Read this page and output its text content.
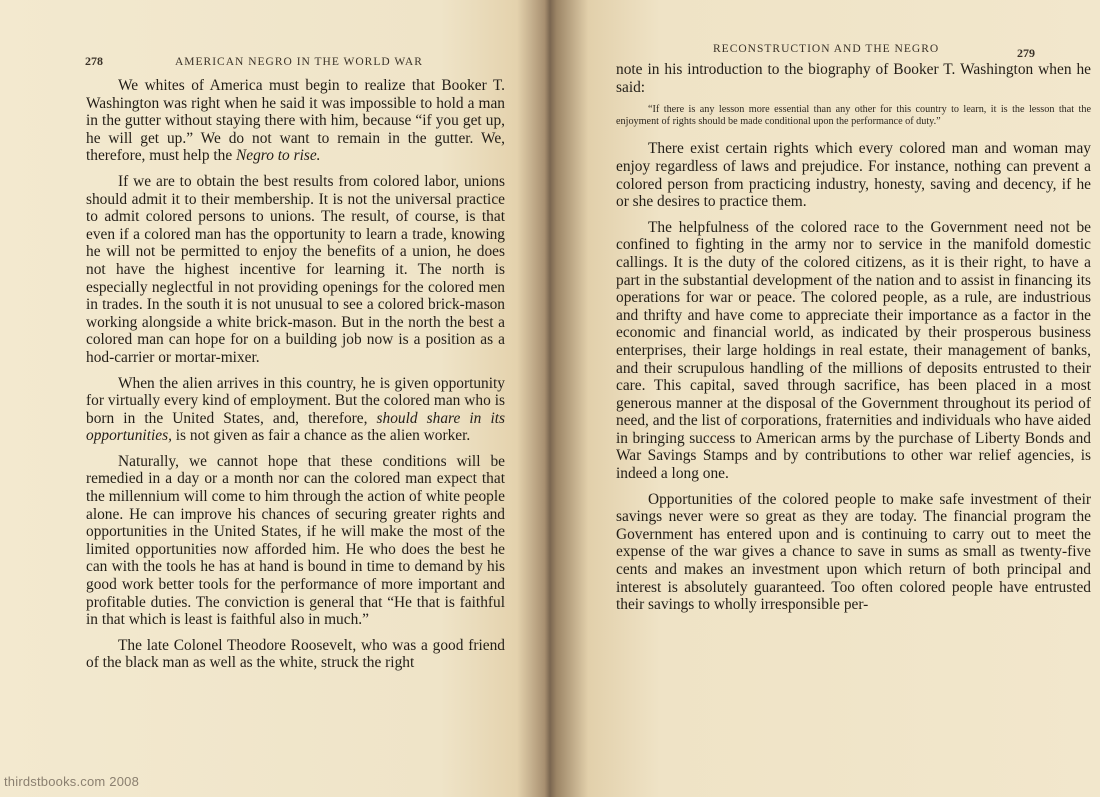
278	AMERICAN NEGRO IN THE WORLD WAR

We whites of America must begin to realize that Booker T. Washington was right when he said it was impossible to hold a man in the gutter without staying there with him, because “if you get up, he will get up.” We do not want to remain in the gutter. We, therefore, must help the Negro to rise.

If we are to obtain the best results from colored labor, unions should admit it to their membership. It is not the universal practice to admit colored persons to unions. The result, of course, is that even if a colored man has the opportunity to learn a trade, knowing he will not be permitted to enjoy the benefits of a union, he does not have the highest incentive for learning it. The north is especially neglectful in not providing openings for the colored men in trades. In the south it is not unusual to see a colored brick-mason working alongside a white brick-mason. But in the north the best a colored man can hope for on a building job now is a position as a hod-carrier or mortar-mixer.

When the alien arrives in this country, he is given opportunity for virtually every kind of employment. But the colored man who is born in the United States, and, therefore, should share in its opportunities, is not given as fair a chance as the alien worker.

Naturally, we cannot hope that these conditions will be remedied in a day or a month nor can the colored man expect that the millennium will come to him through the action of white people alone. He can improve his chances of securing greater rights and opportunities in the United States, if he will make the most of the limited opportunities now afforded him. He who does the best he can with the tools he has at hand is bound in time to demand by his good work better tools for the performance of more important and profitable duties. The conviction is general that “He that is faithful in that which is least is faithful also in much.”

The late Colonel Theodore Roosevelt, who was a good friend of the black man as well as the white, struck the right

RECONSTRUCTION AND THE NEGRO	279

note in his introduction to the biography of Booker T. Washington when he said:

“If there is any lesson more essential than any other for this country to learn, it is the lesson that the enjoyment of rights should be made conditional upon the performance of duty.”

There exist certain rights which every colored man and woman may enjoy regardless of laws and prejudice. For instance, nothing can prevent a colored person from practicing industry, honesty, saving and decency, if he or she desires to practice them.

The helpfulness of the colored race to the Government need not be confined to fighting in the army nor to service in the manifold domestic callings. It is the duty of the colored citizens, as it is their right, to have a part in the substantial development of the nation and to assist in financing its operations for war or peace. The colored people, as a rule, are industrious and thrifty and have come to appreciate their importance as a factor in the economic and financial world, as indicated by their prosperous business enterprises, their large holdings in real estate, their management of banks, and their scrupulous handling of the millions of deposits entrusted to their care. This capital, saved through sacrifice, has been placed in a most generous manner at the disposal of the Government throughout its period of need, and the list of corporations, fraternities and individuals who have aided in bringing success to American arms by the purchase of Liberty Bonds and War Savings Stamps and by contributions to other war relief agencies, is indeed a long one.

Opportunities of the colored people to make safe investment of their savings never were so great as they are today. The financial program the Government has entered upon and is continuing to carry out to meet the expense of the war gives a chance to save in sums as small as twenty-five cents and makes an investment upon which return of both principal and interest is absolutely guaranteed. Too often colored people have entrusted their savings to wholly irresponsible per-

thirdstbooks.com 2008
